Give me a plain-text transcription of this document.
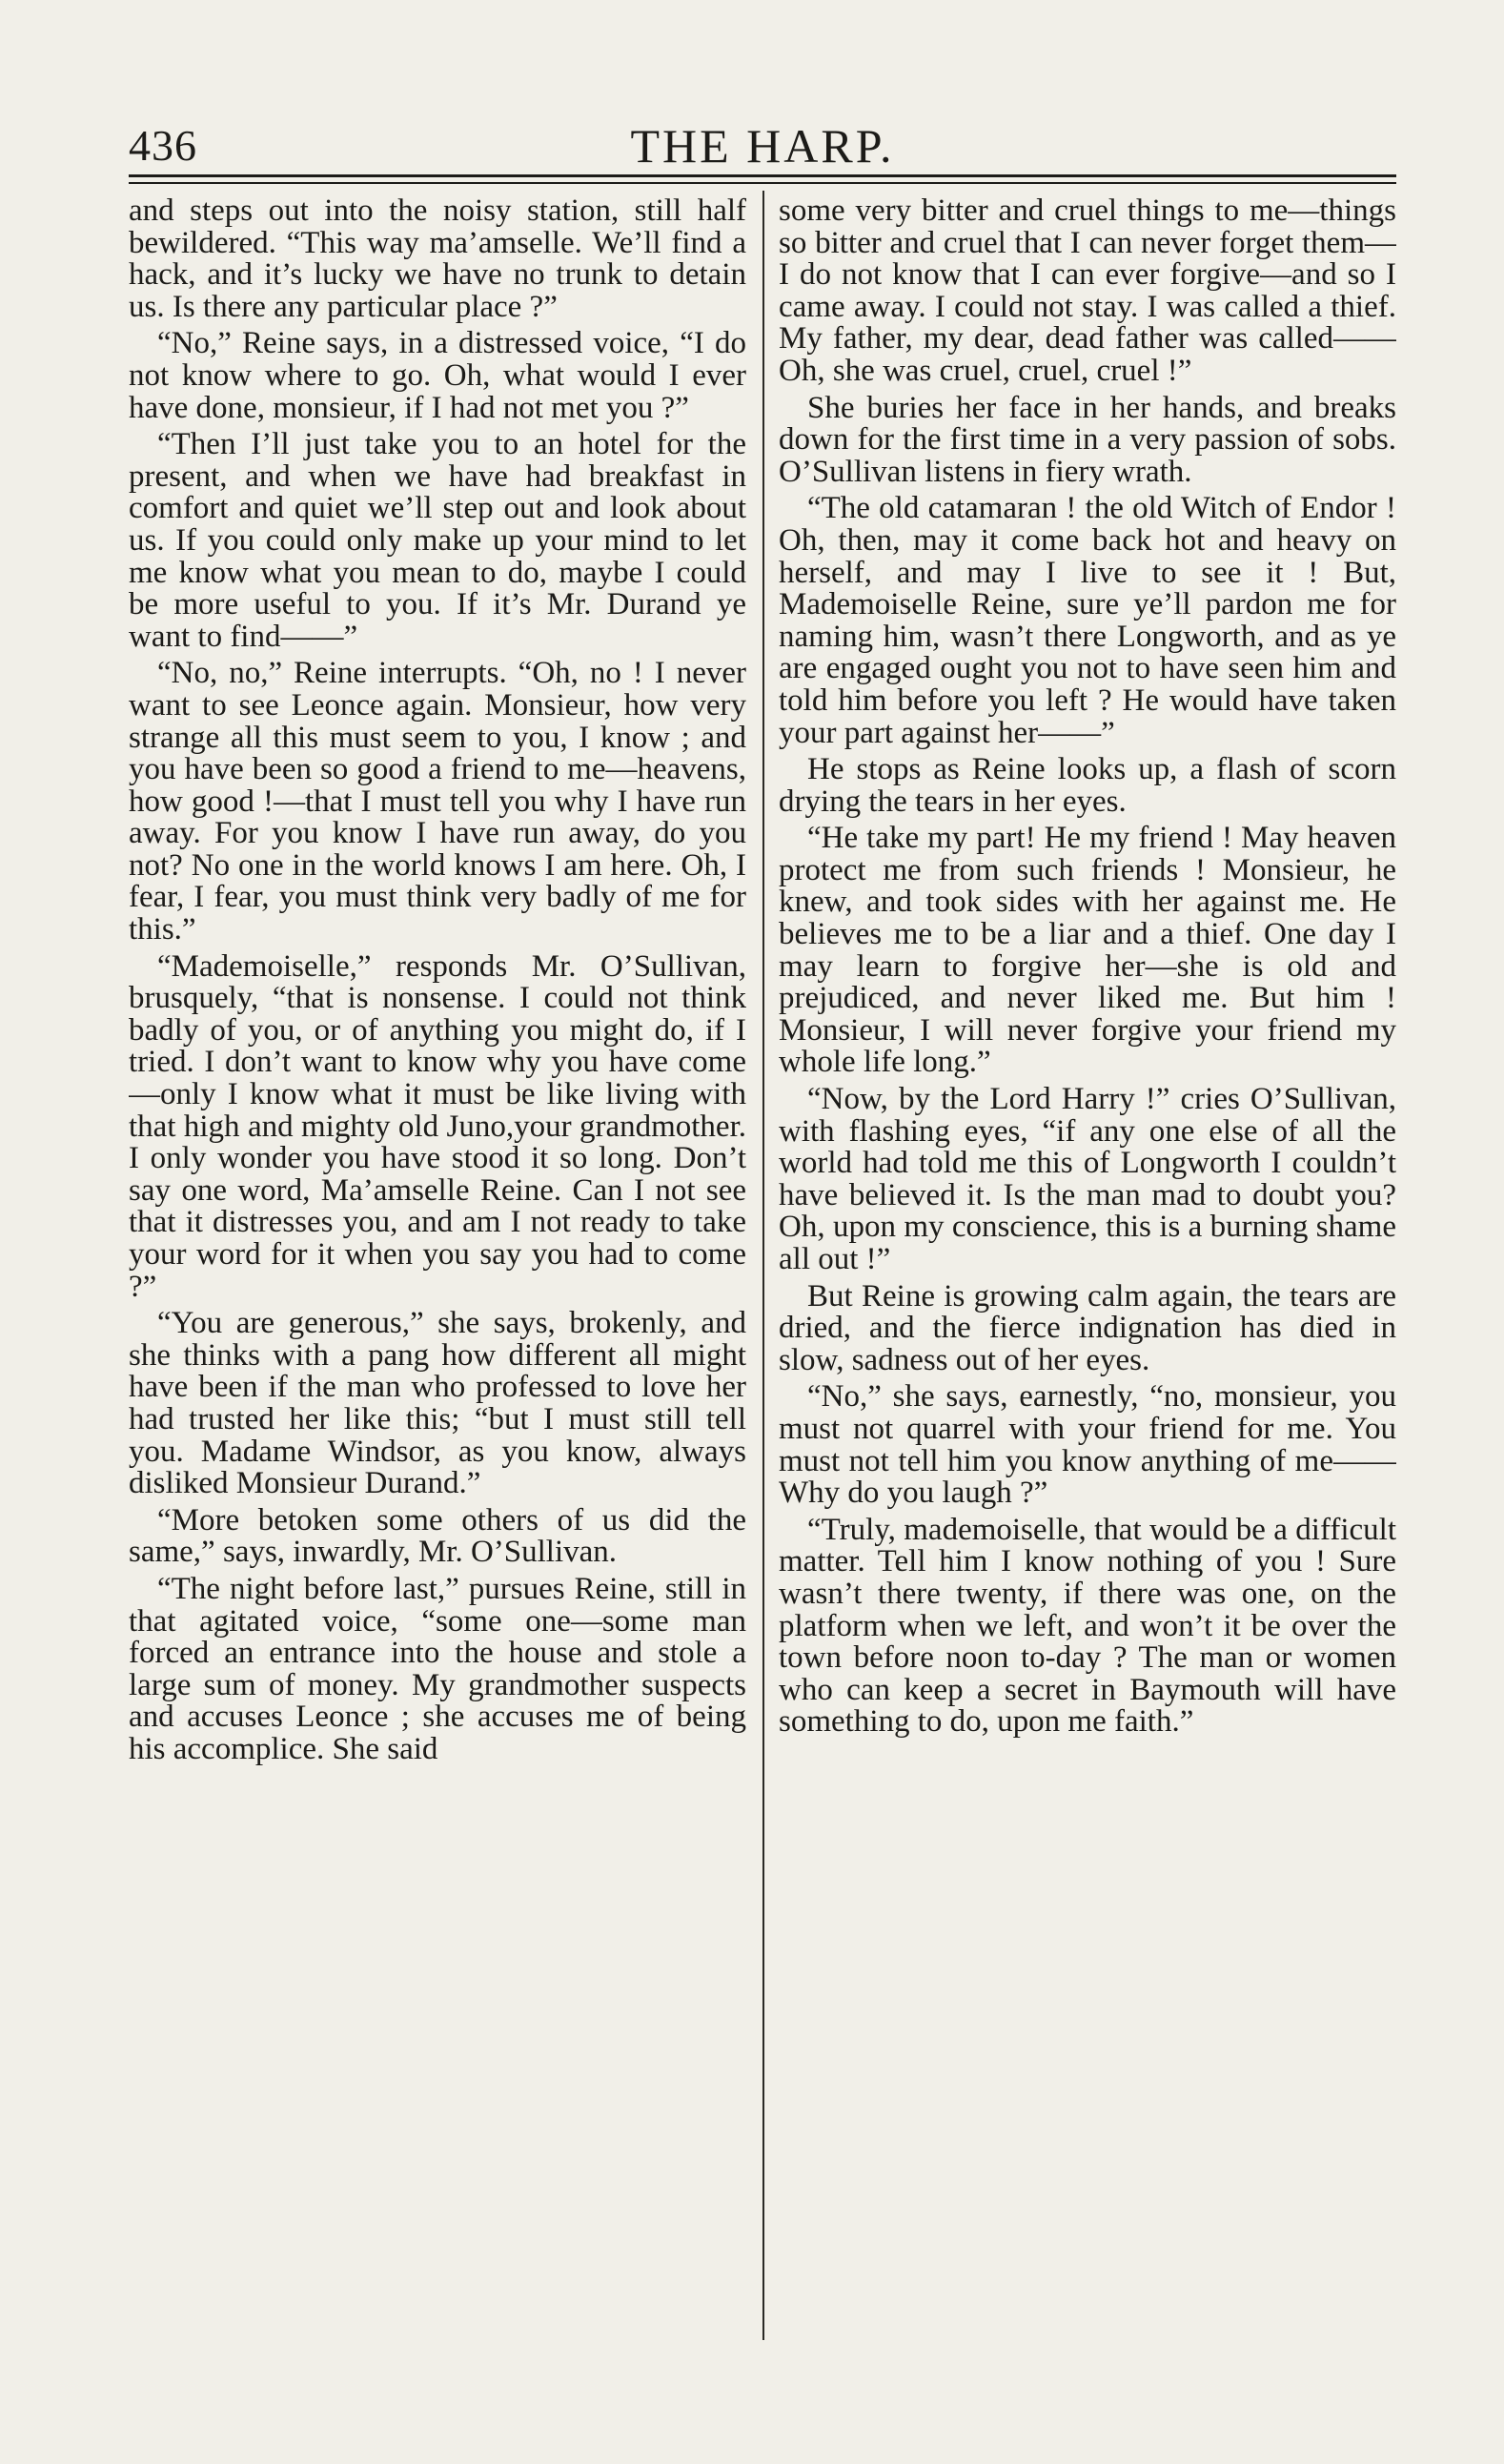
436	THE HARP.

and steps out into the noisy station, still half bewildered. “This way ma’amselle. We’ll find a hack, and it’s lucky we have no trunk to detain us. Is there any particular place ?”

“No,” Reine says, in a distressed voice, “I do not know where to go. Oh, what would I ever have done, monsieur, if I had not met you ?”

“Then I’ll just take you to an hotel for the present, and when we have had breakfast in comfort and quiet we’ll step out and look about us. If you could only make up your mind to let me know what you mean to do, maybe I could be more useful to you. If it’s Mr. Durand ye want to find——”

“No, no,” Reine interrupts. “Oh, no ! I never want to see Leonce again. Monsieur, how very strange all this must seem to you, I know ; and you have been so good a friend to me—heavens, how good !—that I must tell you why I have run away. For you know I have run away, do you not? No one in the world knows I am here. Oh, I fear, I fear, you must think very badly of me for this.”

“Mademoiselle,” responds Mr. O’Sullivan, brusquely, “that is nonsense. I could not think badly of you, or of anything you might do, if I tried. I don’t want to know why you have come—only I know what it must be like living with that high and mighty old Juno,your grandmother. I only wonder you have stood it so long. Don’t say one word, Ma’amselle Reine. Can I not see that it distresses you, and am I not ready to take your word for it when you say you had to come ?”

“You are generous,” she says, brokenly, and she thinks with a pang how different all might have been if the man who professed to love her had trusted her like this; “but I must still tell you. Madame Windsor, as you know, always disliked Monsieur Durand.”

“More betoken some others of us did the same,” says, inwardly, Mr. O’Sullivan.

“The night before last,” pursues Reine, still in that agitated voice, “some one—some man forced an entrance into the house and stole a large sum of money. My grandmother suspects and accuses Leonce ; she accuses me of being his accomplice. She said

some very bitter and cruel things to me—things so bitter and cruel that I can never forget them—I do not know that I can ever forgive—and so I came away. I could not stay. I was called a thief. My father, my dear, dead father was called—— Oh, she was cruel, cruel, cruel !”

She buries her face in her hands, and breaks down for the first time in a very passion of sobs. O’Sullivan listens in fiery wrath.

“The old catamaran ! the old Witch of Endor ! Oh, then, may it come back hot and heavy on herself, and may I live to see it ! But, Mademoiselle Reine, sure ye’ll pardon me for naming him, wasn’t there Longworth, and as ye are engaged ought you not to have seen him and told him before you left ? He would have taken your part against her——”

He stops as Reine looks up, a flash of scorn drying the tears in her eyes.

“He take my part! He my friend ! May heaven protect me from such friends ! Monsieur, he knew, and took sides with her against me. He believes me to be a liar and a thief. One day I may learn to forgive her—she is old and prejudiced, and never liked me. But him ! Monsieur, I will never forgive your friend my whole life long.”

“Now, by the Lord Harry !” cries O’Sullivan, with flashing eyes, “if any one else of all the world had told me this of Longworth I couldn’t have believed it. Is the man mad to doubt you? Oh, upon my conscience, this is a burning shame all out !”

But Reine is growing calm again, the tears are dried, and the fierce indignation has died in slow, sadness out of her eyes.

“No,” she says, earnestly, “no, monsieur, you must not quarrel with your friend for me. You must not tell him you know anything of me—— Why do you laugh ?”

“Truly, mademoiselle, that would be a difficult matter. Tell him I know nothing of you ! Sure wasn’t there twenty, if there was one, on the platform when we left, and won’t it be over the town before noon to-day ? The man or women who can keep a secret in Baymouth will have something to do, upon me faith.”
